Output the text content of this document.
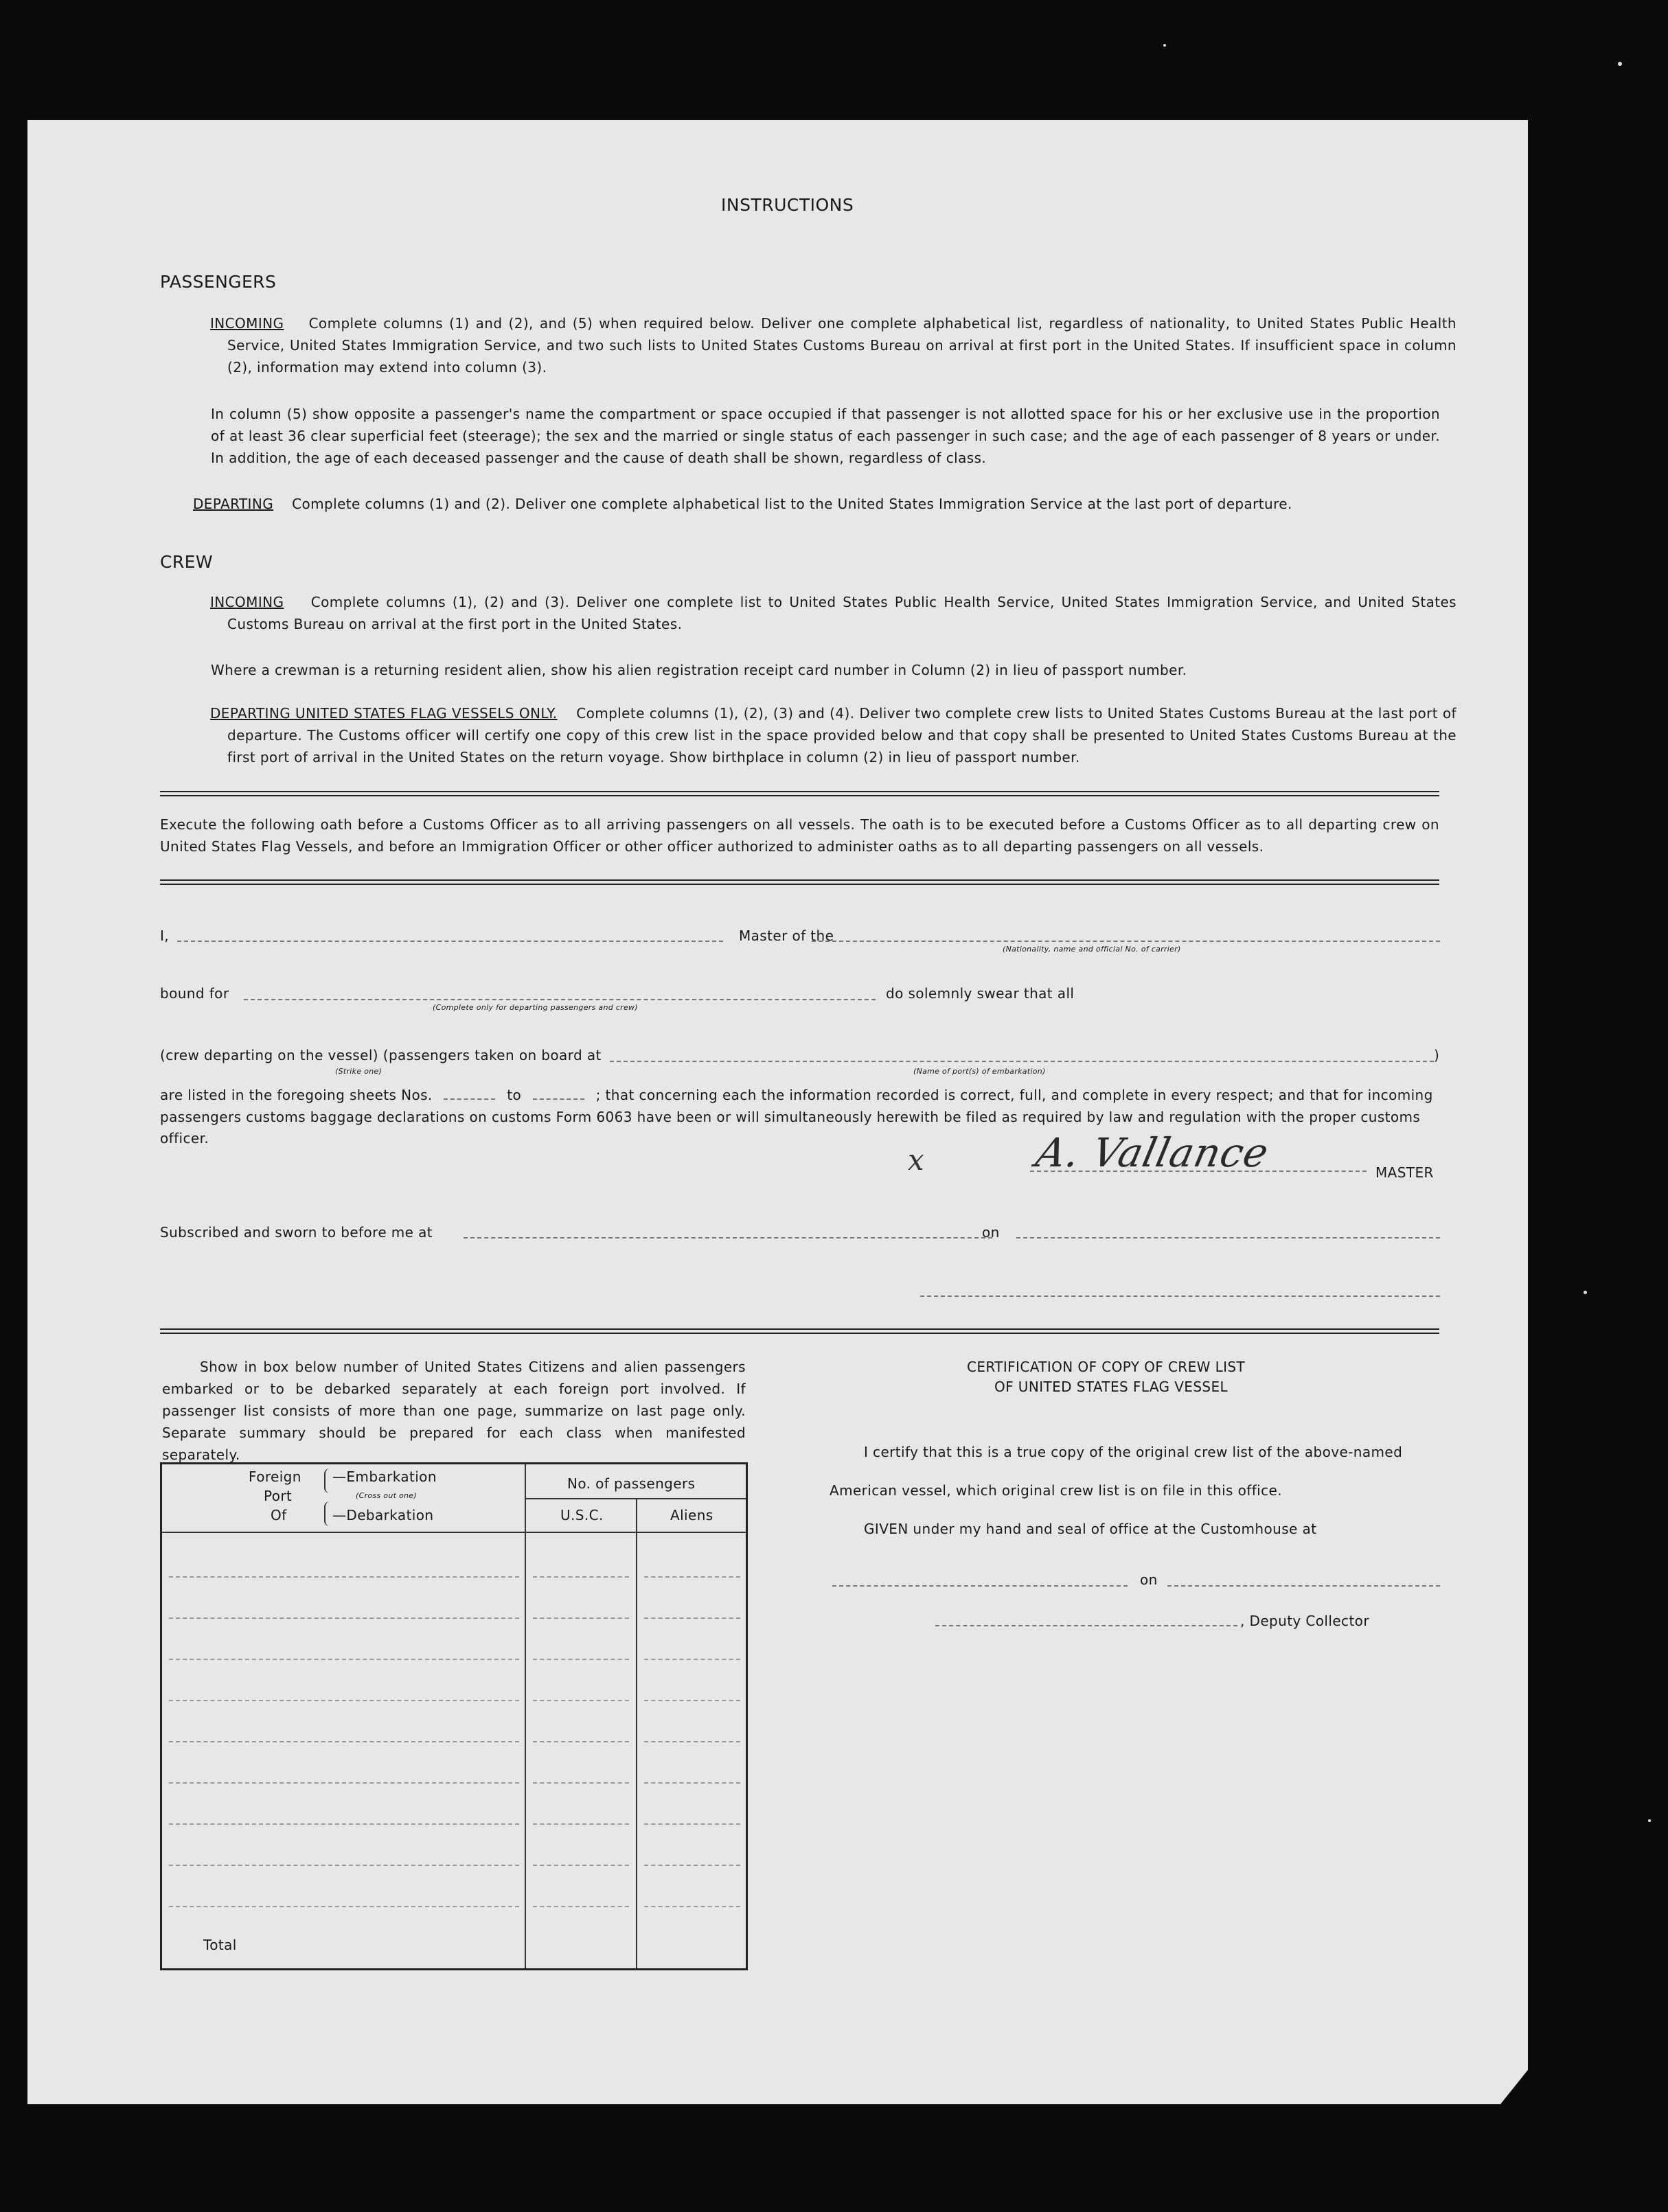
INSTRUCTIONS
PASSENGERS
INCOMING Complete columns (1) and (2), and (5) when required below. Deliver one complete alphabetical list, regardless of nationality, to United States Public Health Service, United States Immigration Service, and two such lists to United States Customs Bureau on arrival at first port in the United States. If insufficient space in column (2), information may extend into column (3).
In column (5) show opposite a passenger's name the compartment or space occupied if that passenger is not allotted space for his or her exclusive use in the proportion of at least 36 clear superficial feet (steerage); the sex and the married or single status of each passenger in such case; and the age of each passenger of 8 years or under. In addition, the age of each deceased passenger and the cause of death shall be shown, regardless of class.
DEPARTING Complete columns (1) and (2). Deliver one complete alphabetical list to the United States Immigration Service at the last port of departure.
CREW
INCOMING Complete columns (1), (2) and (3). Deliver one complete list to United States Public Health Service, United States Immigration Service, and United States Customs Bureau on arrival at the first port in the United States.
Where a crewman is a returning resident alien, show his alien registration receipt card number in Column (2) in lieu of passport number.
DEPARTING UNITED STATES FLAG VESSELS ONLY. Complete columns (1), (2), (3) and (4). Deliver two complete crew lists to United States Customs Bureau at the last port of departure. The Customs officer will certify one copy of this crew list in the space provided below and that copy shall be presented to United States Customs Bureau at the first port of arrival in the United States on the return voyage. Show birthplace in column (2) in lieu of passport number.
Execute the following oath before a Customs Officer as to all arriving passengers on all vessels. The oath is to be executed before a Customs Officer as to all departing crew on United States Flag Vessels, and before an Immigration Officer or other officer authorized to administer oaths as to all departing passengers on all vessels.
I,	Master of the
(Nationality, name and official No. of carrier)
bound for
(Complete only for departing passengers and crew)
do solemnly swear that all
(crew departing on the vessel) (passengers taken on board at
(Strike one)	(Name of port(s) of embarkation)
)
are listed in the foregoing sheets Nos.	to	; that concerning each the information recorded is correct, full, and complete in every respect; and that for incoming
passengers customs baggage declarations on customs Form 6063 have been or will simultaneously herewith be filed as required by law and regulation with the proper customs
officer.
x	A. Vallance	MASTER
Subscribed and sworn to before me at	on
Show in box below number of United States Citizens and alien passengers embarked or to be debarked separately at each foreign port involved. If passenger list consists of more than one page, summarize on last page only. Separate summary should be prepared for each class when manifested separately.
Foreign
Port
Of
—Embarkation
(Cross out one)
—Debarkation
No. of passengers
U.S.C.	Aliens
Total
CERTIFICATION OF COPY OF CREW LIST
OF UNITED STATES FLAG VESSEL
I certify that this is a true copy of the original crew list of the above-named
American vessel, which original crew list is on file in this office.
GIVEN under my hand and seal of office at the Customhouse at
on
, Deputy Collector
